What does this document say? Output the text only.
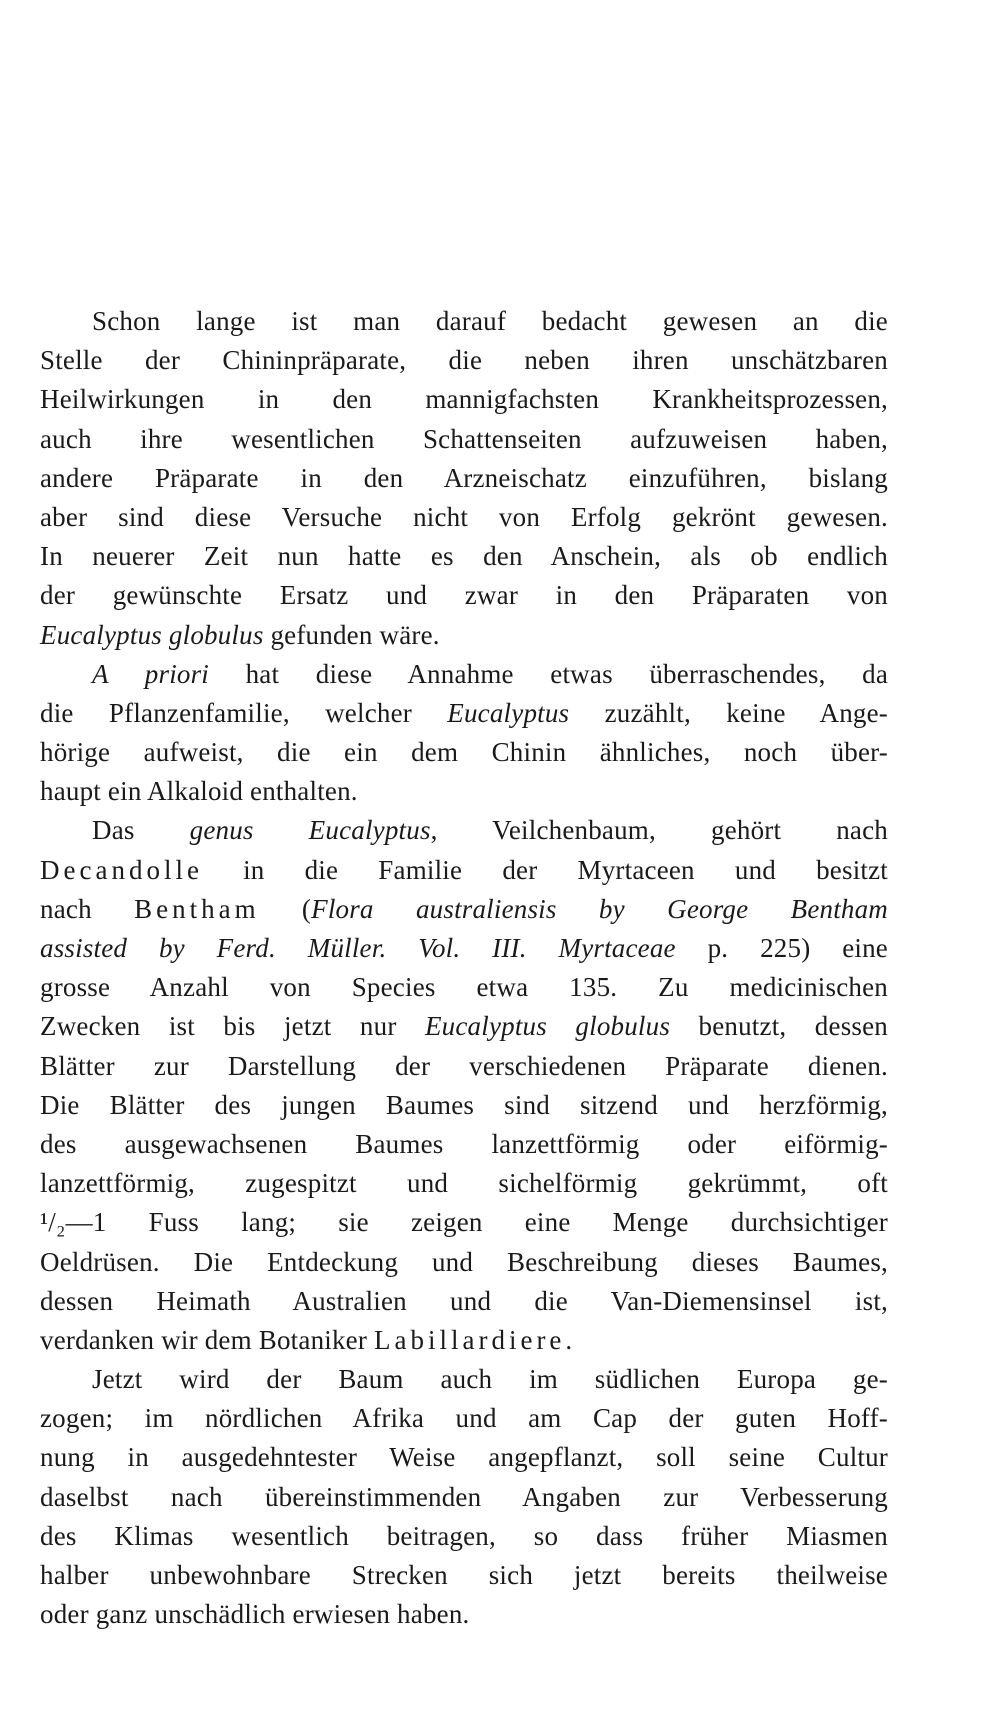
Schon lange ist man darauf bedacht gewesen an die
Stelle der Chininpräparate, die neben ihren unschätzbaren
Heilwirkungen in den mannigfachsten Krankheitsprozessen,
auch ihre wesentlichen Schattenseiten aufzuweisen haben,
andere Präparate in den Arzneischatz einzuführen, bislang
aber sind diese Versuche nicht von Erfolg gekrönt gewesen.
In neuerer Zeit nun hatte es den Anschein, als ob endlich
der gewünschte Ersatz und zwar in den Präparaten von
Eucalyptus globulus gefunden wäre.
A priori hat diese Annahme etwas überraschendes, da
die Pflanzenfamilie, welcher Eucalyptus zuzählt, keine Ange-
hörige aufweist, die ein dem Chinin ähnliches, noch über-
haupt ein Alkaloid enthalten.
Das genus Eucalyptus, Veilchenbaum, gehört nach
Decandolle in die Familie der Myrtaceen und besitzt
nach Bentham (Flora australiensis by George Bentham
assisted by Ferd. Müller. Vol. III. Myrtaceae p. 225) eine
grosse Anzahl von Species etwa 135. Zu medicinischen
Zwecken ist bis jetzt nur Eucalyptus globulus benutzt, dessen
Blätter zur Darstellung der verschiedenen Präparate dienen.
Die Blätter des jungen Baumes sind sitzend und herzförmig,
des ausgewachsenen Baumes lanzettförmig oder eiförmig-
lanzettförmig, zugespitzt und sichelförmig gekrümmt, oft
¹/₂—1 Fuss lang; sie zeigen eine Menge durchsichtiger
Oeldrüsen. Die Entdeckung und Beschreibung dieses Baumes,
dessen Heimath Australien und die Van-Diemensinsel ist,
verdanken wir dem Botaniker Labillardiere.
Jetzt wird der Baum auch im südlichen Europa ge-
zogen; im nördlichen Afrika und am Cap der guten Hoff-
nung in ausgedehntester Weise angepflanzt, soll seine Cultur
daselbst nach übereinstimmenden Angaben zur Verbesserung
des Klimas wesentlich beitragen, so dass früher Miasmen
halber unbewohnbare Strecken sich jetzt bereits theilweise
oder ganz unschädlich erwiesen haben.
